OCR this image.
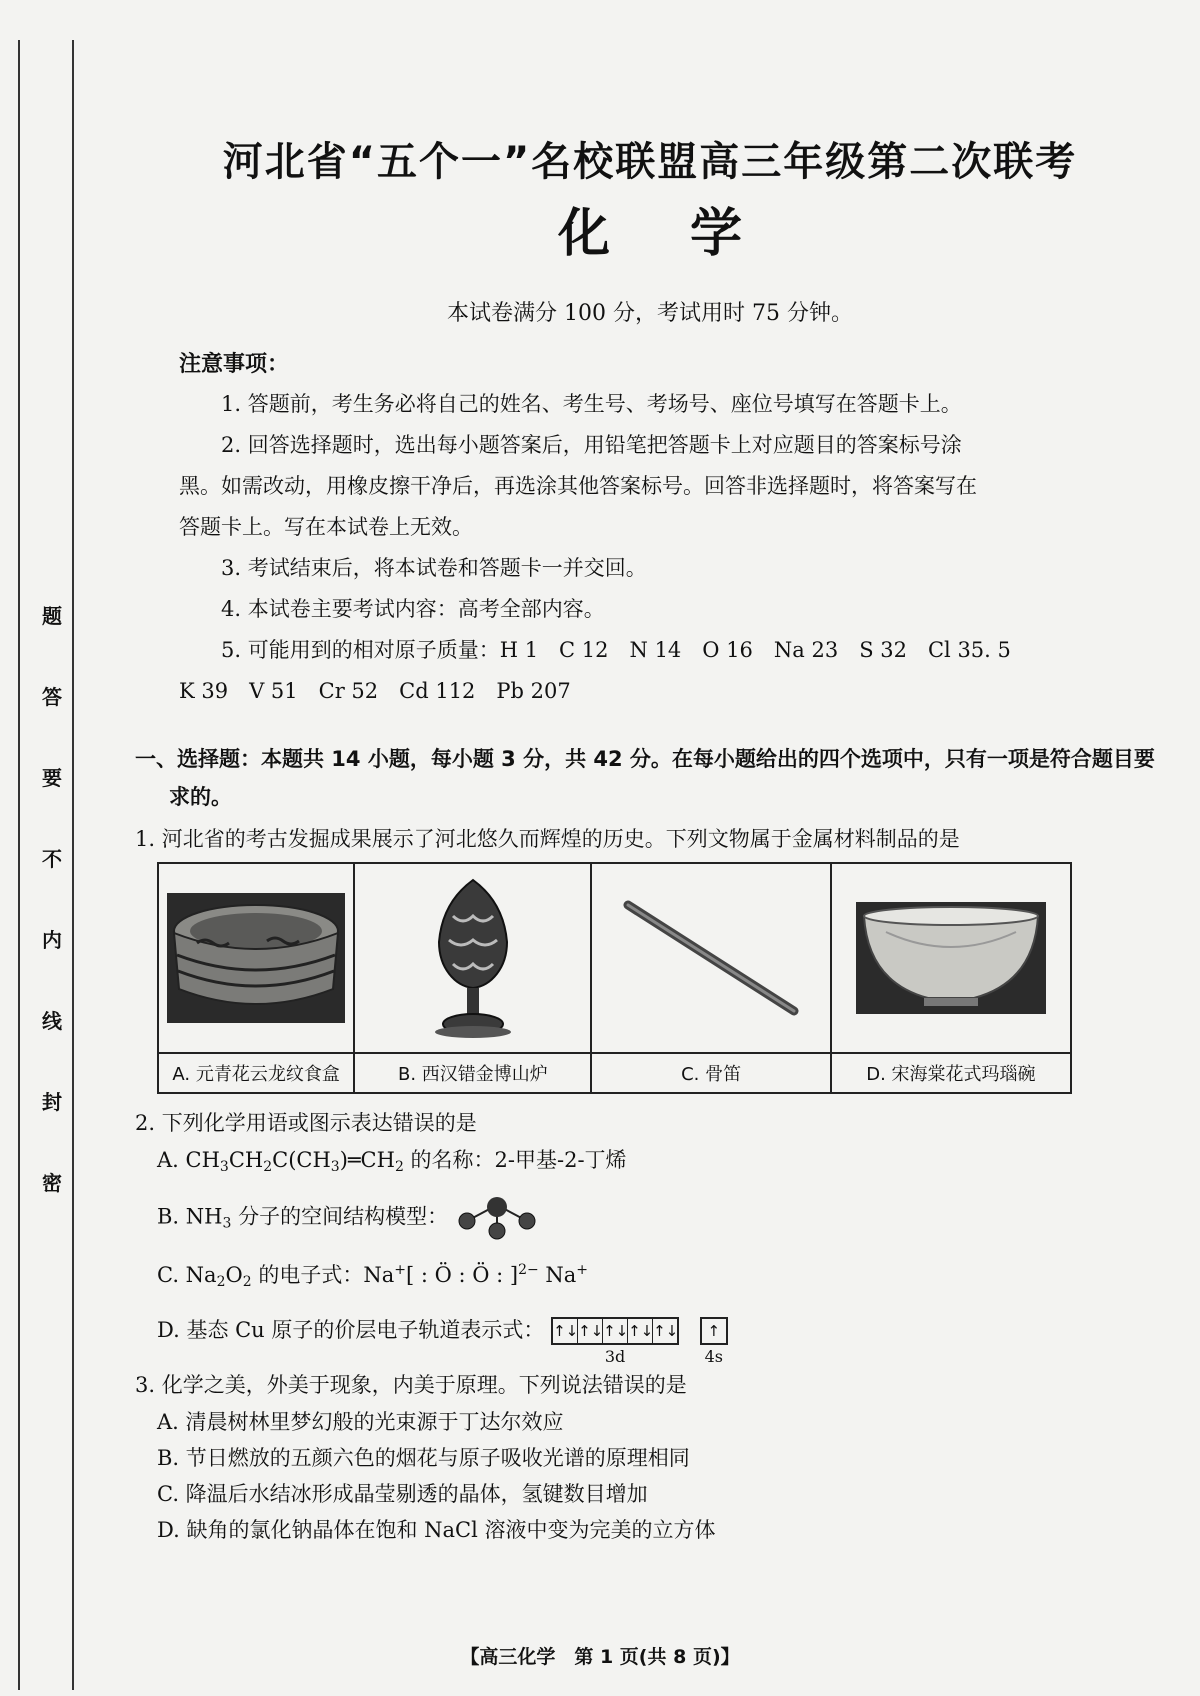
题
答
要
不
内
线
封
密
河北省“五个一”名校联盟高三年级第二次联考
化学
本试卷满分 100 分，考试用时 75 分钟。
注意事项：

1. 答题前，考生务必将自己的姓名、考生号、考场号、座位号填写在答题卡上。

2. 回答选择题时，选出每小题答案后，用铅笔把答题卡上对应题目的答案标号涂

黑。如需改动，用橡皮擦干净后，再选涂其他答案标号。回答非选择题时，将答案写在

答题卡上。写在本试卷上无效。

3. 考试结束后，将本试卷和答题卡一并交回。

4. 本试卷主要考试内容：高考全部内容。

5. 可能用到的相对原子质量：H 1　C 12　N 14　O 16　Na 23　S 32　Cl 35. 5

K 39　V 51　Cr 52　Cd 112　Pb 207
一、选择题：本题共 14 小题，每小题 3 分，共 42 分。在每小题给出的四个选项中，只有一项是符合题目要求的。
1. 河北省的考古发掘成果展示了河北悠久而辉煌的历史。下列文物属于金属材料制品的是

A. 元青花云龙纹食盒	B. 西汉错金博山炉	C. 骨笛	D. 宋海棠花式玛瑙碗
2. 下列化学用语或图示表达错误的是
A. $CH_3CH_2C(CH_3)═CH_2$ 的名称：2-甲基-2-丁烯
B. $NH_3$ 分子的空间结构模型：
C. $Na_2O_2$ 的电子式：Na+[ : Ö : Ö : ]$^{2-}$ Na+
D. 基态 Cu 原子的价层电子轨道表示式： ↑↓ ↑↓ ↑↓ ↑↓ ↑↓
3d

↑
4s
3. 化学之美，外美于现象，内美于原理。下列说法错误的是
A. 清晨树林里梦幻般的光束源于丁达尔效应
B. 节日燃放的五颜六色的烟花与原子吸收光谱的原理相同
C. 降温后水结冰形成晶莹剔透的晶体，氢键数目增加
D. 缺角的氯化钠晶体在饱和 NaCl 溶液中变为完美的立方体
【高三化学　第 1 页(共 8 页)】
